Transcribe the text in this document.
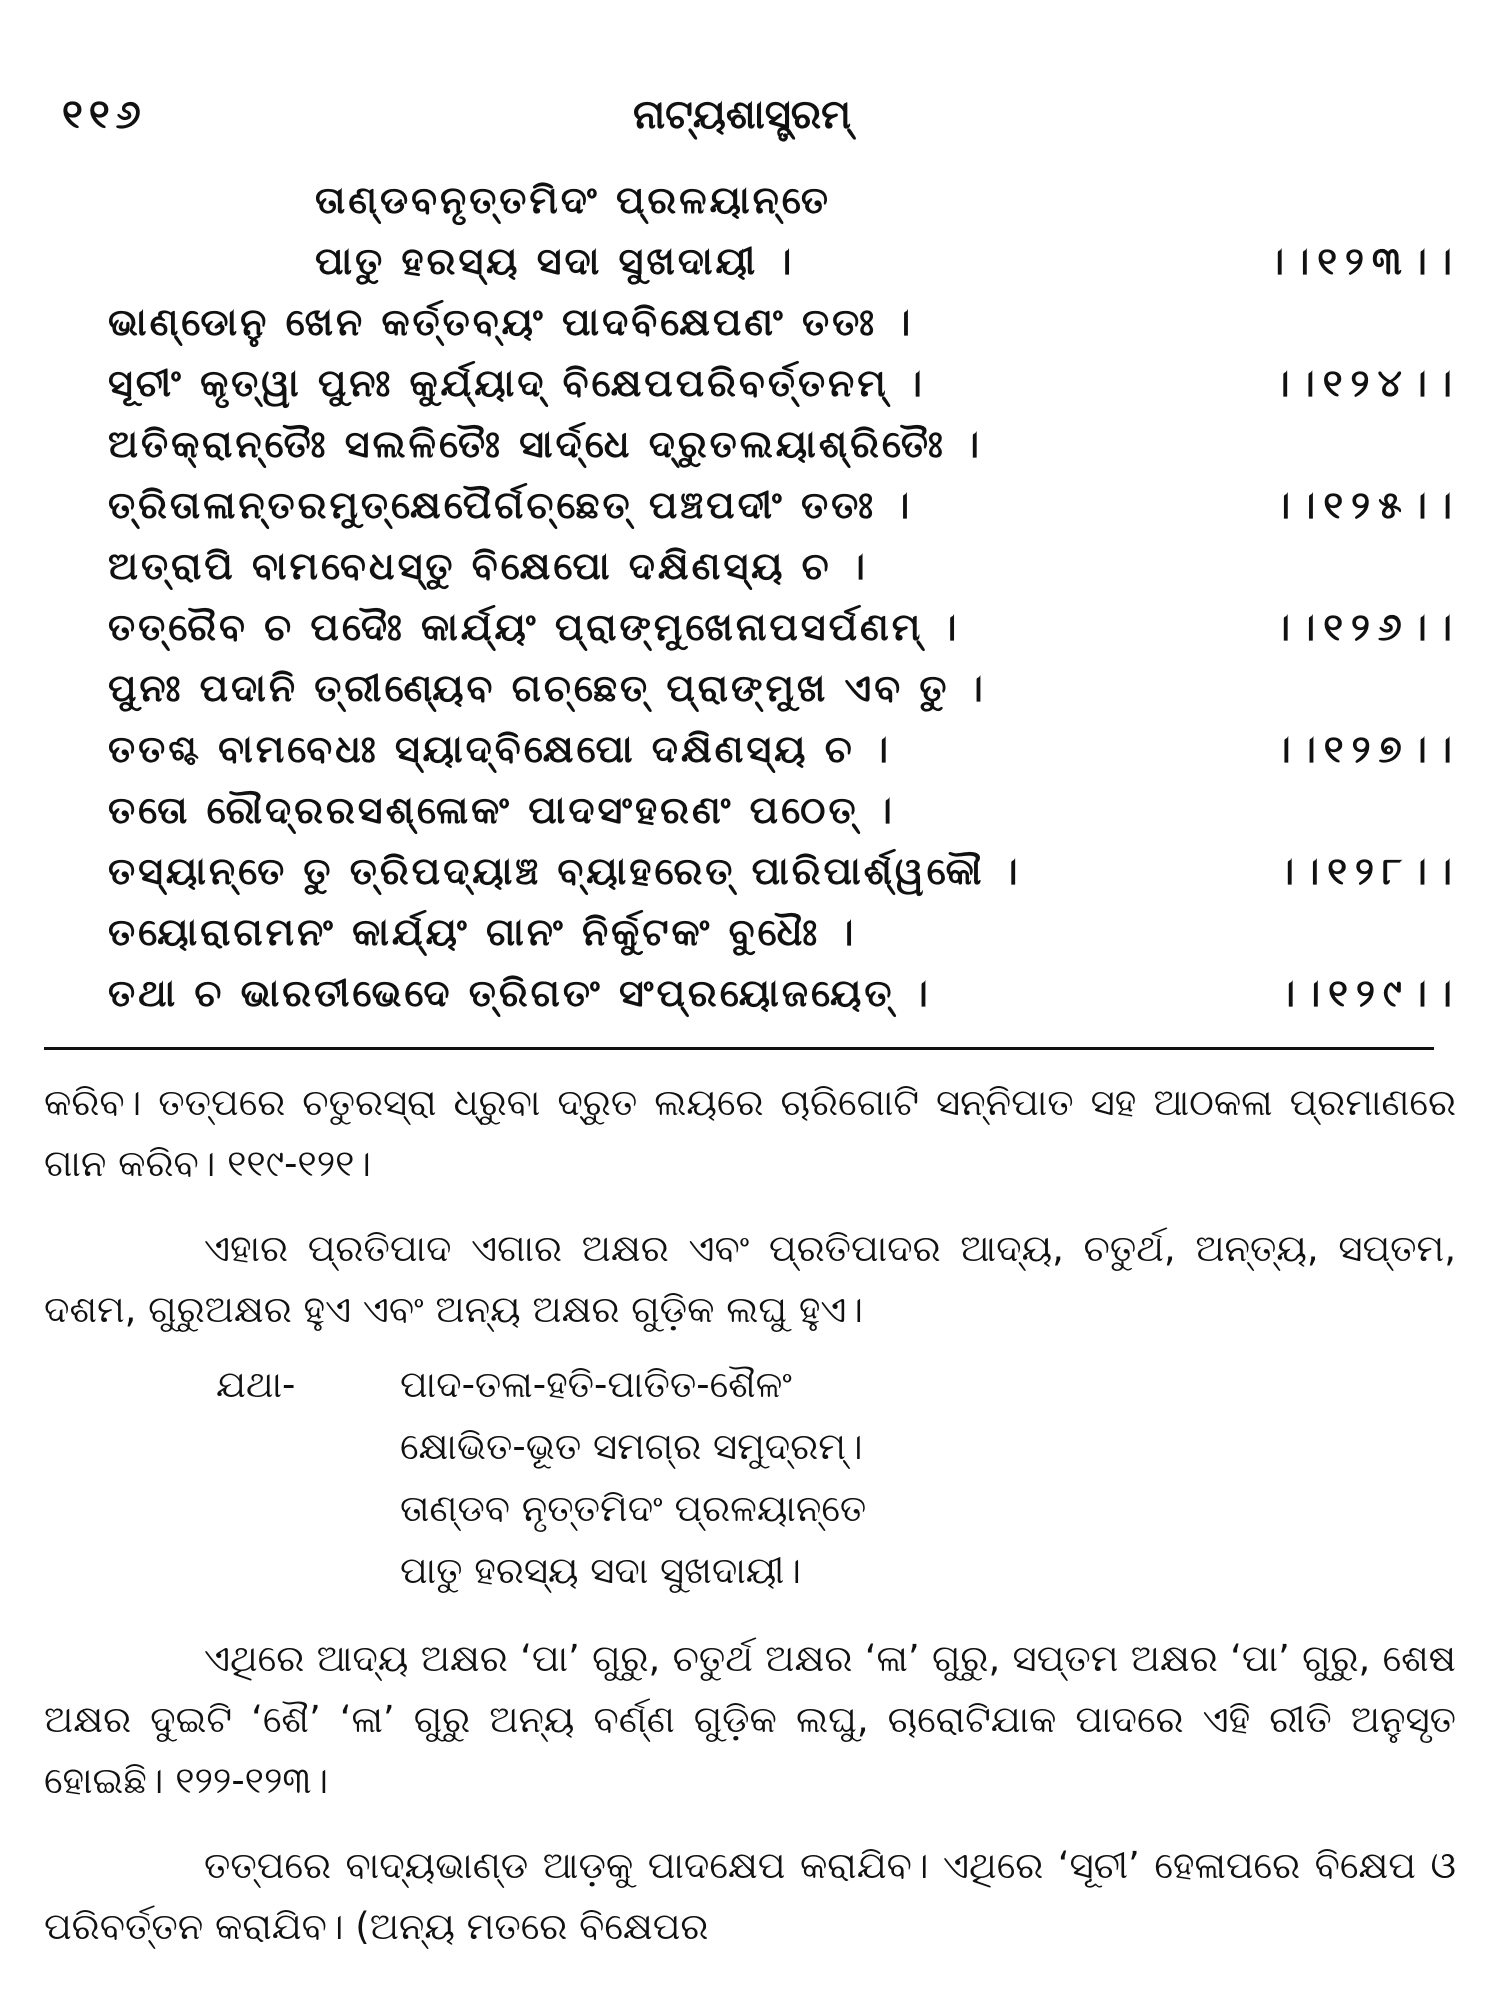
୧୧୬	ନାଟ୍ୟଶାସ୍ତ୍ରମ୍
ତାଣ୍ଡବନୃତ୍ତମିଦଂ ପ୍ରଳୟାନ୍ତେ
ପାତୁ ହରସ୍ୟ ସଦା ସୁଖଦାୟୀ ।	।।୧୨୩।।
ଭାଣ୍ଡୋନୁ ଖେନ କର୍ତ୍ତବ୍ୟଂ ପାଦବିକ୍ଷେପଣଂ ତତଃ ।
ସୂଚୀଂ କୃତ୍ୱା ପୁନଃ କୁର୍ଯ୍ୟାଦ୍ ବିକ୍ଷେପପରିବର୍ତ୍ତନମ୍ ।	।।୧୨୪।।
ଅତିକ୍ରାନ୍ତୈଃ ସଲଳିତୈଃ ସାର୍ଦ୍ଧେ ଦ୍ରୁତଲୟାଶ୍ରିତୈଃ ।
ତ୍ରିତାଳାନ୍ତରମୁତ୍କ୍ଷେପୈର୍ଗଚ୍ଛେତ୍ ପଞ୍ଚପଦୀଂ ତତଃ ।	।।୧୨୫।।
ଅତ୍ରାପି ବାମବେଧସ୍ତୁ ବିକ୍ଷେପୋ ଦକ୍ଷିଣସ୍ୟ ଚ ।
ତତ୍ରୈବ ଚ ପଦୈଃ କାର୍ଯ୍ୟଂ ପ୍ରାଙ୍ମୁଖେନାପସର୍ପଣମ୍ ।	।।୧୨୬।।
ପୁନଃ ପଦାନି ତ୍ରୀଣ୍ୟେବ ଗଚ୍ଛେତ୍ ପ୍ରାଙ୍ମୁଖ ଏବ ତୁ ।
ତତଶ୍ଚ ବାମବେଧଃ ସ୍ୟାଦ୍ବିକ୍ଷେପୋ ଦକ୍ଷିଣସ୍ୟ ଚ ।	।।୧୨୭।।
ତତୋ ରୌଦ୍ରରସଶ୍ଳୋକଂ ପାଦସଂହରଣଂ ପଠେତ୍ ।
ତସ୍ୟାନ୍ତେ ତୁ ତ୍ରିପଦ୍ୟାଞ୍ଚ ବ୍ୟାହରେତ୍ ପାରିପାର୍ଶ୍ୱକୌ ।	।।୧୨୮।।
ତୟୋରାଗମନଂ କାର୍ଯ୍ୟଂ ଗାନଂ ନିର୍କୁଟକଂ ବୁଧୈଃ ।
ତଥା ଚ ଭାରତୀଭେଦେ ତ୍ରିଗତଂ ସଂପ୍ରୟୋଜୟେତ୍ ।	।।୧୨୯।।

କରିବ। ତତ୍ପରେ ଚତୁରସ୍ରା ଧ୍ରୁବା ଦ୍ରୁତ ଲୟରେ ଚାରିଗୋଟି ସନ୍ନିପାତ ସହ ଆଠକଳା ପ୍ରମାଣରେ ଗାନ କରିବ। ୧୧୯-୧୨୧।

ଏହାର ପ୍ରତିପାଦ ଏଗାର ଅକ୍ଷର ଏବଂ ପ୍ରତିପାଦର ଆଦ୍ୟ, ଚତୁର୍ଥ, ଅନ୍ତ୍ୟ, ସପ୍ତମ, ଦଶମ, ଗୁରୁଅକ୍ଷର ହୁଏ ଏବଂ ଅନ୍ୟ ଅକ୍ଷର ଗୁଡ଼ିକ ଲଘୁ ହୁଏ।

ଯଥା-	ପାଦ-ତଳା-ହତି-ପାତିତ-ଶୈଳଂ
କ୍ଷୋଭିତ-ଭୂତ ସମଗ୍ର ସମୁଦ୍ରମ୍।
ତାଣ୍ଡବ ନୃତ୍ତମିଦଂ ପ୍ରଳୟାନ୍ତେ
ପାତୁ ହରସ୍ୟ ସଦା ସୁଖଦାୟୀ।

ଏଥିରେ ଆଦ୍ୟ ଅକ୍ଷର ‘ପା’ ଗୁରୁ, ଚତୁର୍ଥ ଅକ୍ଷର ‘ଳା’ ଗୁରୁ, ସପ୍ତମ ଅକ୍ଷର ‘ପା’ ଗୁରୁ, ଶେଷ ଅକ୍ଷର ଦୁଇଟି ‘ଶୈ’ ‘ଳା’ ଗୁରୁ ଅନ୍ୟ ବର୍ଣ୍ଣ ଗୁଡ଼ିକ ଲଘୁ, ଚାରୋଟିଯାକ ପାଦରେ ଏହି ରୀତି ଅନୁସୃତ ହୋଇଛି। ୧୨୨-୧୨୩।

ତତ୍ପରେ ବାଦ୍ୟଭାଣ୍ଡ ଆଡ଼କୁ ପାଦକ୍ଷେପ କରାଯିବ। ଏଥିରେ ‘ସୂଚୀ’ ହେଳାପରେ ବିକ୍ଷେପ ଓ ପରିବର୍ତ୍ତନ କରାଯିବ। (ଅନ୍ୟ ମତରେ ବିକ୍ଷେପର
